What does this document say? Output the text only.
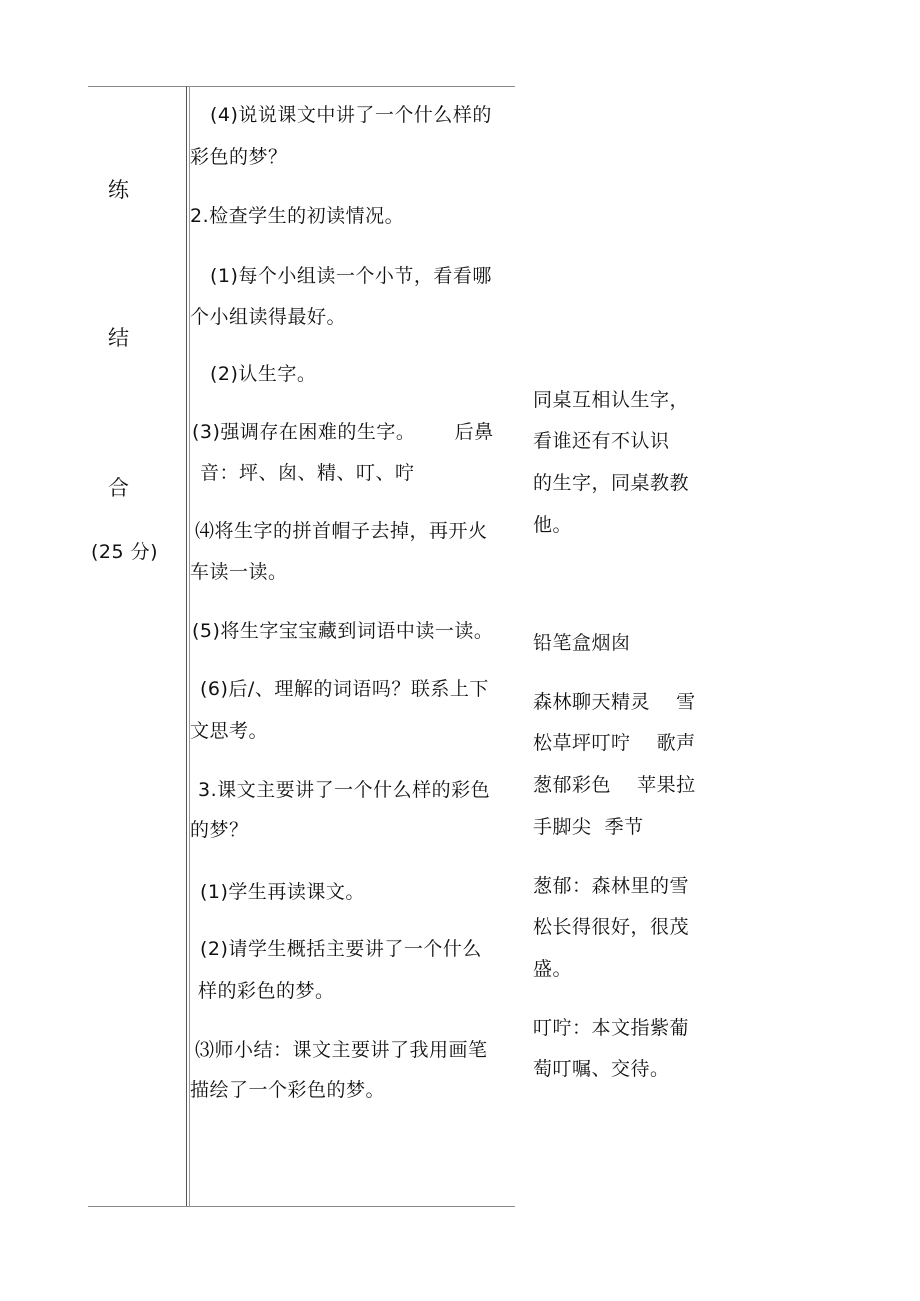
练
结
合
(25 分)
(4)说说课文中讲了一个什么样的
彩色的梦？
2.检查学生的初读情况。
(1)每个小组读一个小节，看看哪
个小组读得最好。
(2)认生字。
(3)强调存在困难的生字。      后鼻
音：坪、囱、精、叮、咛
⑷将生字的拼首帽子去掉，再开火
车读一读。
(5)将生字宝宝藏到词语中读一读。
(6)后/、理解的词语吗？联系上下
文思考。
3.课文主要讲了一个什么样的彩色
的梦？
(1)学生再读课文。
(2)请学生概括主要讲了一个什么
样的彩色的梦。
⑶师小结：课文主要讲了我用画笔
描绘了一个彩色的梦。
同桌互相认生字，
看谁还有不认识
的生字，同桌教教
他。
铅笔盒烟囱
森林聊天精灵    雪
松草坪叮咛    歌声
葱郁彩色    苹果拉
手脚尖  季节
葱郁：森林里的雪
松长得很好，很茂
盛。
叮咛：本文指紫葡
萄叮嘱、交待。
